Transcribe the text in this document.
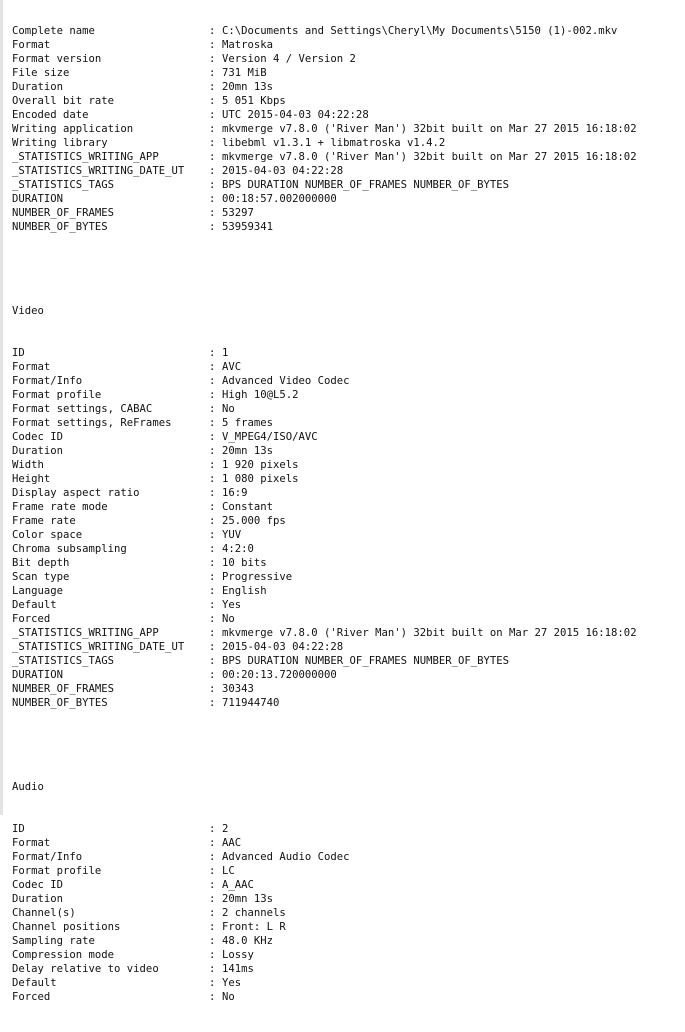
Complete name	: C:\Documents and Settings\Cheryl\My Documents\5150 (1)-002.mkv
Format	: Matroska
Format version	: Version 4 / Version 2
File size	: 731 MiB
Duration	: 20mn 13s
Overall bit rate	: 5 051 Kbps
Encoded date	: UTC 2015-04-03 04:22:28
Writing application	: mkvmerge v7.8.0 ('River Man') 32bit built on Mar 27 2015 16:18:02
Writing library	: libebml v1.3.1 + libmatroska v1.4.2
_STATISTICS_WRITING_APP	: mkvmerge v7.8.0 ('River Man') 32bit built on Mar 27 2015 16:18:02
_STATISTICS_WRITING_DATE_UT : 2015-04-03 04:22:28
_STATISTICS_TAGS	: BPS DURATION NUMBER_OF_FRAMES NUMBER_OF_BYTES
DURATION	: 00:18:57.002000000
NUMBER_OF_FRAMES	: 53297
NUMBER_OF_BYTES	: 53959341

Video

ID	: 1
Format	: AVC
Format/Info	: Advanced Video Codec
Format profile	: High 10@L5.2
Format settings, CABAC	: No
Format settings, ReFrames	: 5 frames
Codec ID	: V_MPEG4/ISO/AVC
Duration	: 20mn 13s
Width	: 1 920 pixels
Height	: 1 080 pixels
Display aspect ratio	: 16:9
Frame rate mode	: Constant
Frame rate	: 25.000 fps
Color space	: YUV
Chroma subsampling	: 4:2:0
Bit depth	: 10 bits
Scan type	: Progressive
Language	: English
Default	: Yes
Forced	: No
_STATISTICS_WRITING_APP	: mkvmerge v7.8.0 ('River Man') 32bit built on Mar 27 2015 16:18:02
_STATISTICS_WRITING_DATE_UT : 2015-04-03 04:22:28
_STATISTICS_TAGS	: BPS DURATION NUMBER_OF_FRAMES NUMBER_OF_BYTES
DURATION	: 00:20:13.720000000
NUMBER_OF_FRAMES	: 30343
NUMBER_OF_BYTES	: 711944740

Audio

ID	: 2
Format	: AAC
Format/Info	: Advanced Audio Codec
Format profile	: LC
Codec ID	: A_AAC
Duration	: 20mn 13s
Channel(s)	: 2 channels
Channel positions	: Front: L R
Sampling rate	: 48.0 KHz
Compression mode	: Lossy
Delay relative to video	: 141ms
Default	: Yes
Forced	: No
